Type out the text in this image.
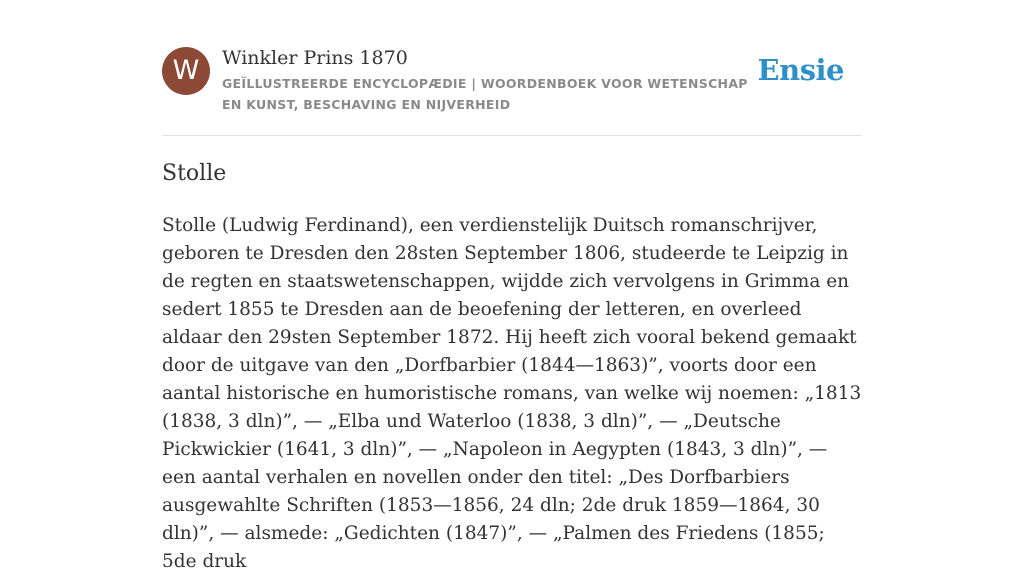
W	Winkler Prins 1870
GEÏLLUSTREERDE ENCYCLOPÆDIE | WOORDENBOEK VOOR WETENSCHAP EN KUNST, BESCHAVING EN NIJVERHEID
Ensie
Stolle

Stolle (Ludwig Ferdinand), een verdienstelijk Duitsch romanschrijver, geboren te Dresden den 28sten September 1806, studeerde te Leipzig in de regten en staatswetenschappen, wijdde zich vervolgens in Grimma en sedert 1855 te Dresden aan de beoefening der letteren, en overleed aldaar den 29sten September 1872. Hij heeft zich vooral bekend gemaakt door de uitgave van den „Dorfbarbier (1844—1863)”, voorts door een aantal historische en humoristische romans, van welke wij noemen: „1813 (1838, 3 dln)”, — „Elba und Waterloo (1838, 3 dln)”, — „Deutsche Pickwickier (1641, 3 dln)”, — „Napoleon in Aegypten (1843, 3 dln)”, — een aantal verhalen en novellen onder den titel: „Des Dorfbarbiers ausgewahlte Schriften (1853—1856, 24 dln; 2de druk 1859—1864, 30 dln)”, — alsmede: „Gedichten (1847)”, — „Palmen des Friedens (1855; 5de druk
